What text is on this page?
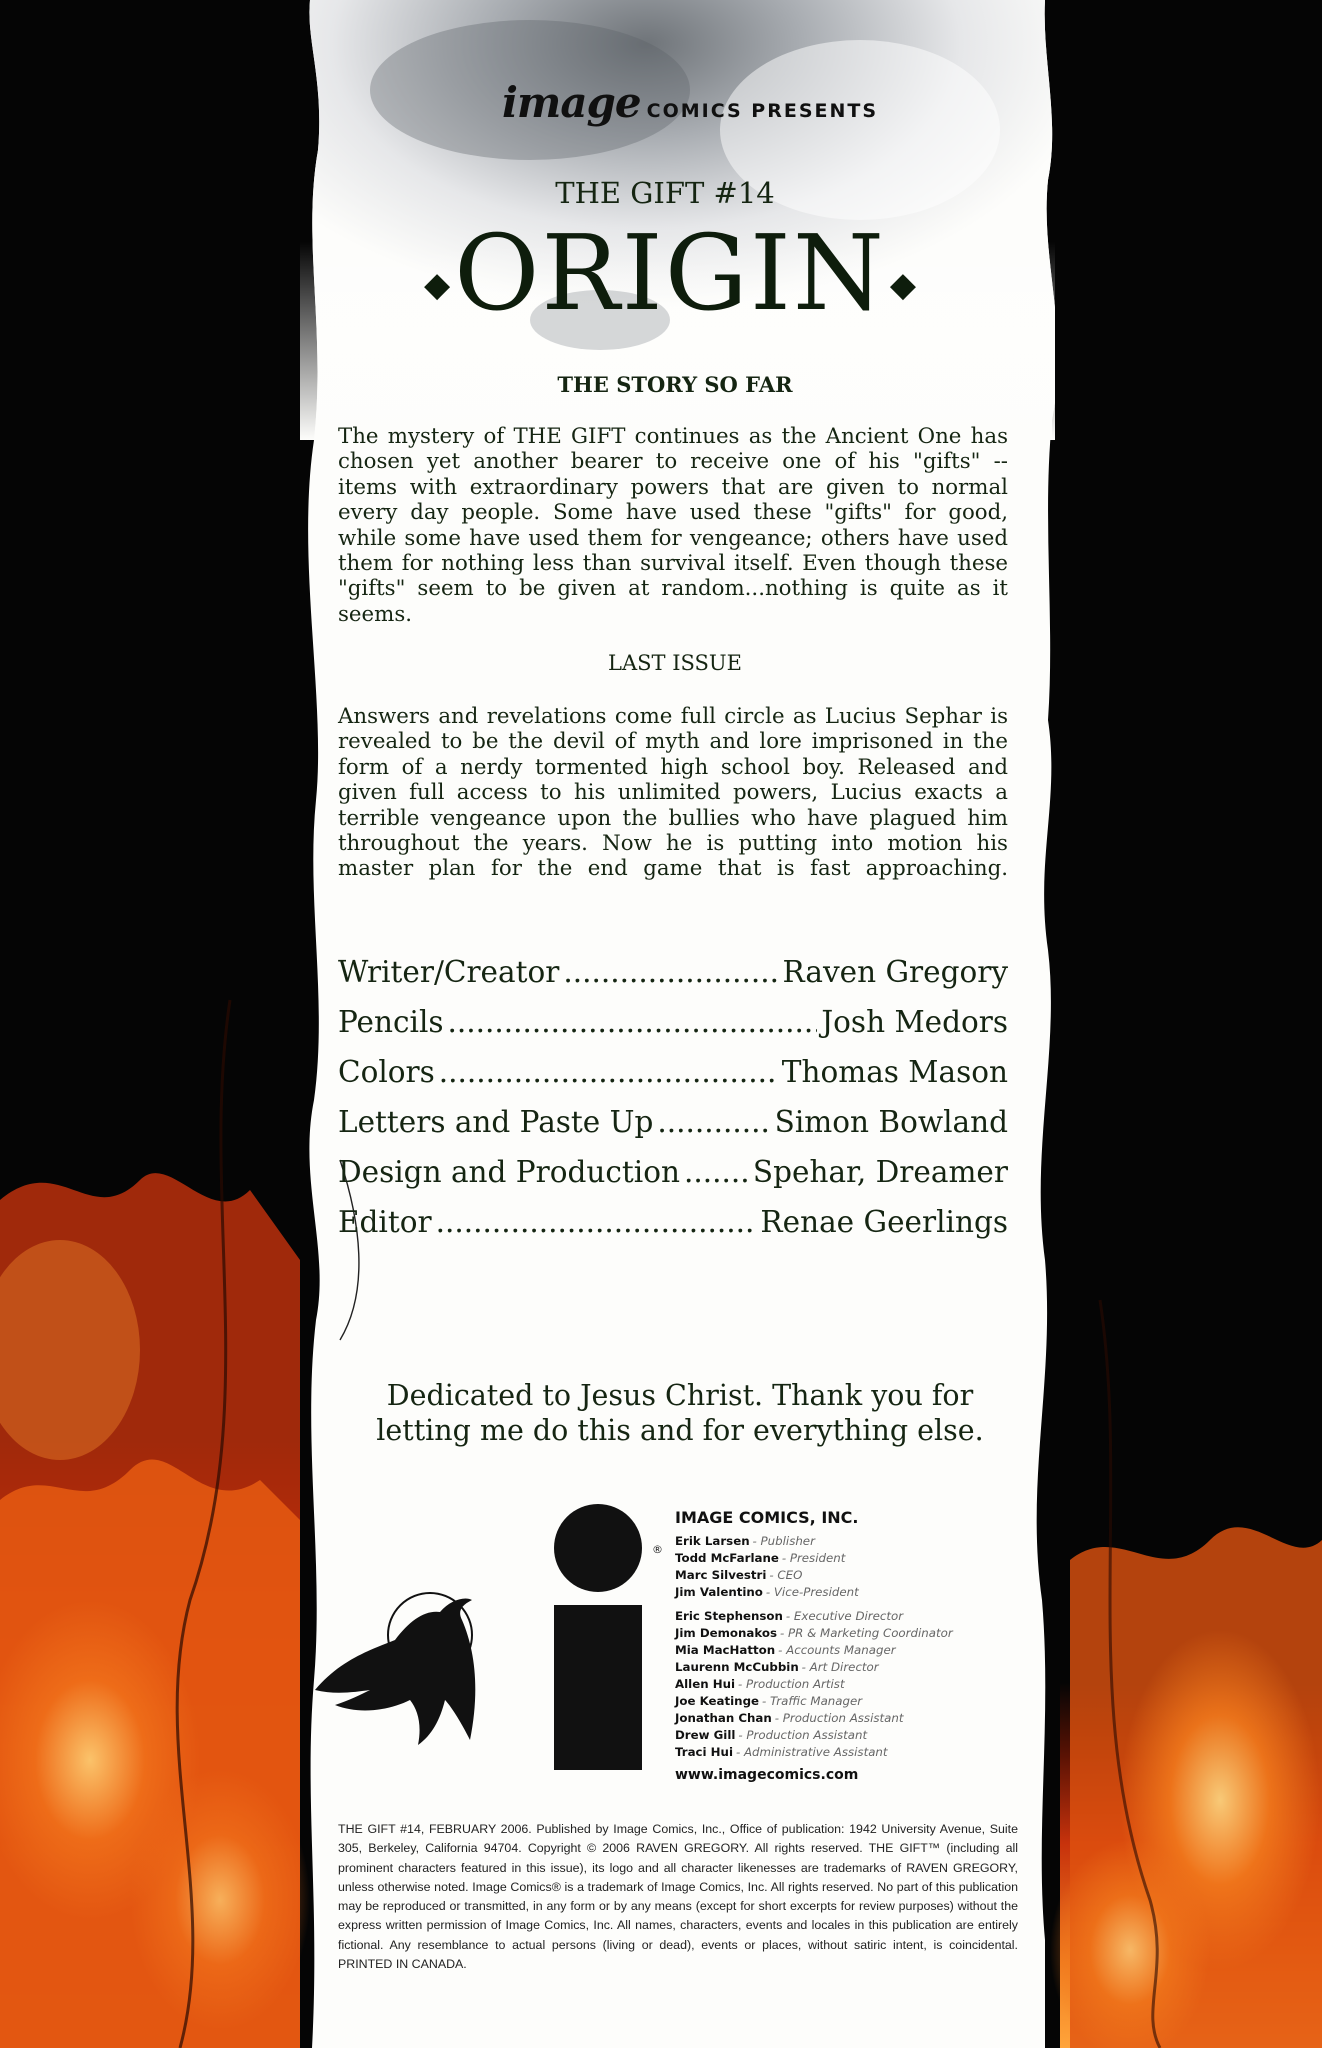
image COMICS PRESENTS
THE GIFT #14
◆ ORIGIN ◆
THE STORY SO FAR
The mystery of THE GIFT continues as the Ancient One has chosen yet another bearer to receive one of his "gifts" -- items with extraordinary powers that are given to normal every day people. Some have used these "gifts" for good, while some have used them for vengeance; others have used them for nothing less than survival itself. Even though these "gifts" seem to be given at random...nothing is quite as it seems.
LAST ISSUE
Answers and revelations come full circle as Lucius Sephar is revealed to be the devil of myth and lore imprisoned in the form of a nerdy tormented high school boy. Released and given full access to his unlimited powers, Lucius exacts a terrible vengeance upon the bullies who have plagued him throughout the years. Now he is putting into motion his master plan for the end game that is fast approaching.
Writer/Creator .....	Raven Gregory
Pencils .....	Josh Medors
Colors .....	Thomas Mason
Letters and Paste Up .....	Simon Bowland
Design and Production ..... Spehar, Dreamer
Editor .....	Renae Geerlings
Dedicated to Jesus Christ. Thank you for
letting me do this and for everything else.
®
IMAGE COMICS, INC.
Erik Larsen - Publisher
Todd McFarlane - President
Marc Silvestri - CEO
Jim Valentino - Vice-President
Eric Stephenson - Executive Director
Jim Demonakos - PR & Marketing Coordinator
Mia MacHatton - Accounts Manager
Laurenn McCubbin - Art Director
Allen Hui - Production Artist
Joe Keatinge - Traffic Manager
Jonathan Chan - Production Assistant
Drew Gill - Production Assistant
Traci Hui - Administrative Assistant
www.imagecomics.com
THE GIFT #14, FEBRUARY 2006. Published by Image Comics, Inc., Office of publication: 1942 University Avenue, Suite 305, Berkeley, California 94704. Copyright © 2006 RAVEN GREGORY. All rights reserved. THE GIFT™ (including all prominent characters featured in this issue), its logo and all character likenesses are trademarks of RAVEN GREGORY, unless otherwise noted. Image Comics® is a trademark of Image Comics, Inc. All rights reserved. No part of this publication may be reproduced or transmitted, in any form or by any means (except for short excerpts for review purposes) without the express written permission of Image Comics, Inc. All names, characters, events and locales in this publication are entirely fictional. Any resemblance to actual persons (living or dead), events or places, without satiric intent, is coincidental. PRINTED IN CANADA.
